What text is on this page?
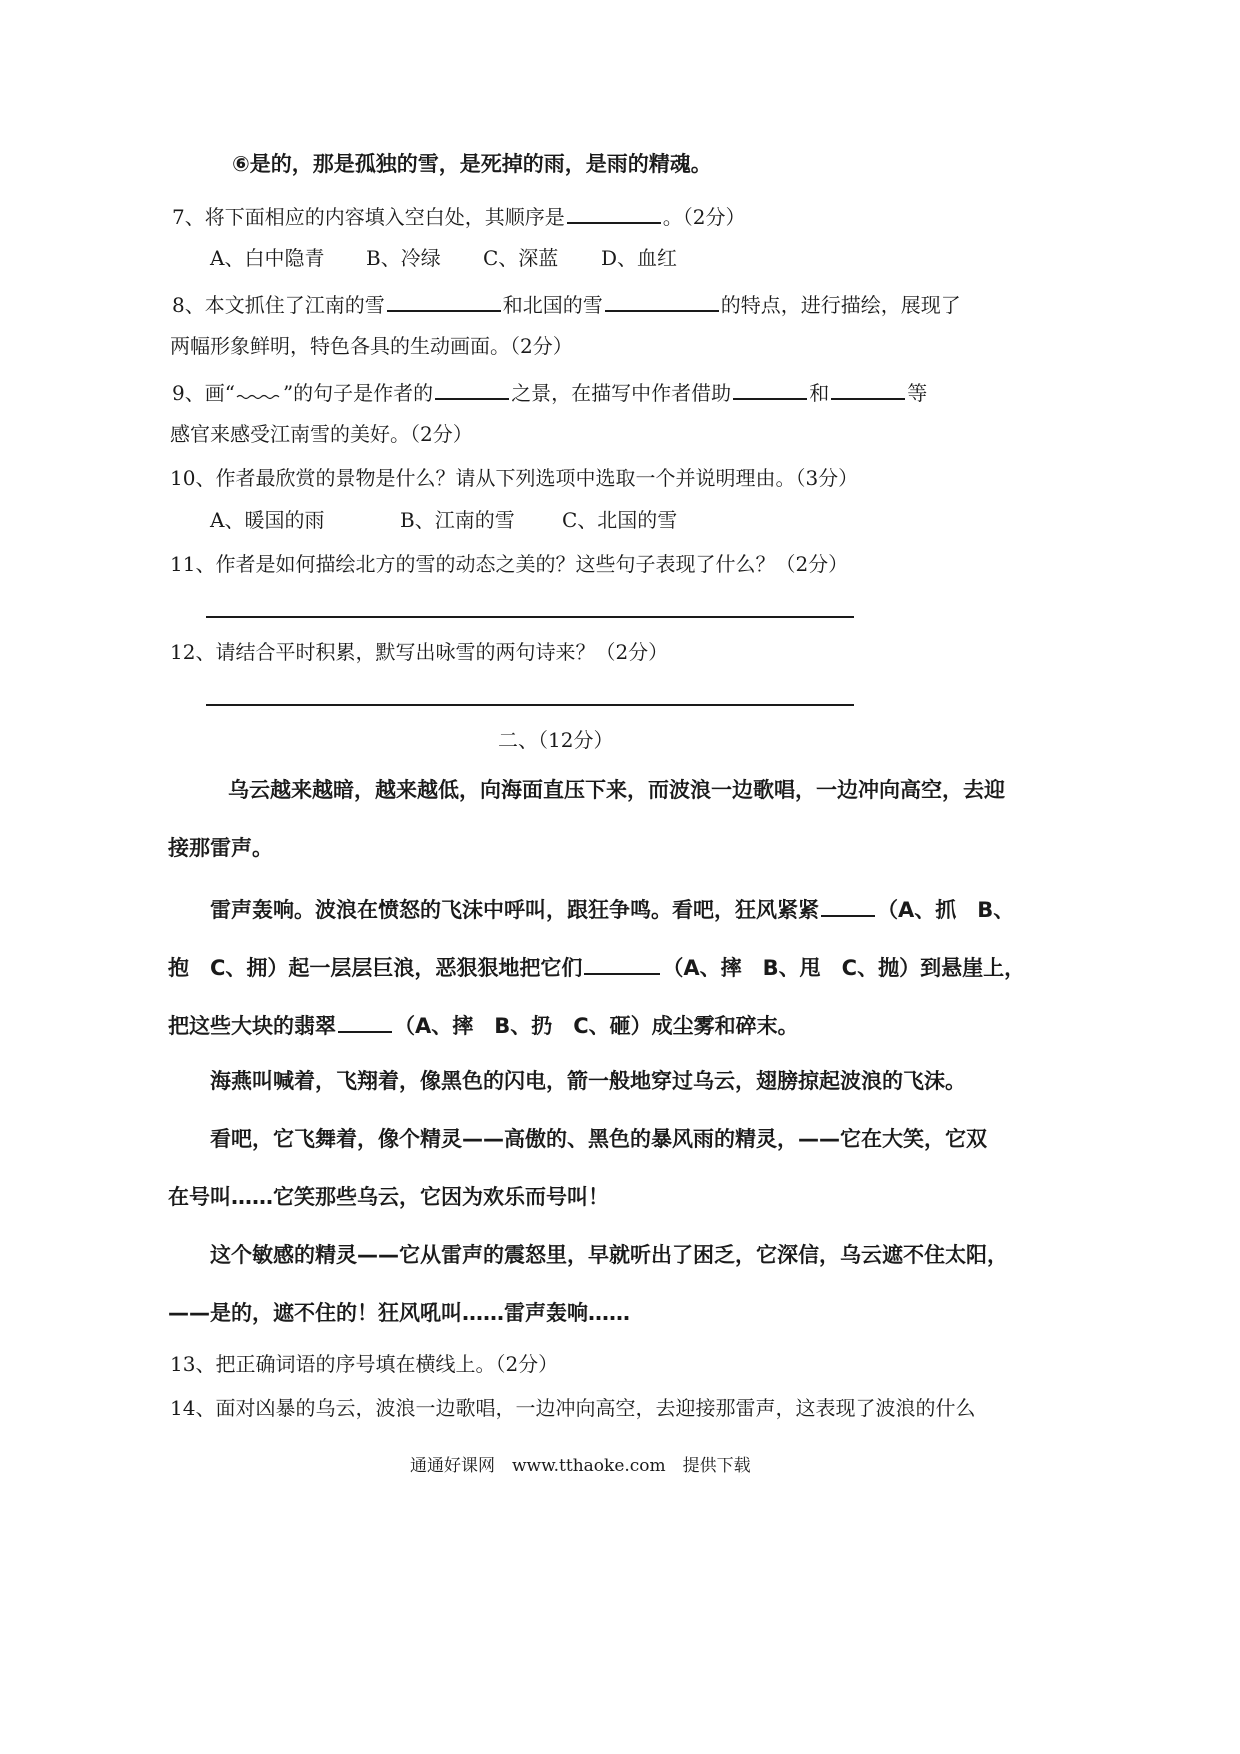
⑥是的，那是孤独的雪，是死掉的雨，是雨的精魂。
7、将下面相应的内容填入空白处，其顺序是	。（2分）
A、白中隐青 B、冷绿 C、深蓝 D、血红
8、本文抓住了江南的雪	和北国的雪	的特点，进行描绘，展现了
两幅形象鲜明，特色各具的生动画面。（2分）
9、画“ ”的句子是作者的	之景，在描写中作者借助	和	等
感官来感受江南雪的美好。（2分）
10、作者最欣赏的景物是什么？请从下列选项中选取一个并说明理由。（3分）
A、暖国的雨	B、江南的雪 C、北国的雪
11、作者是如何描绘北方的雪的动态之美的？这些句子表现了什么？（2分）
12、请结合平时积累，默写出咏雪的两句诗来？（2分）
二、（12分）
乌云越来越暗，越来越低，向海面直压下来，而波浪一边歌唱，一边冲向高空，去迎
接那雷声。
雷声轰响。波浪在愤怒的飞沫中呼叫，跟狂争鸣。看吧，狂风紧紧	（A、抓　B、
抱　C、拥）起一层层巨浪，恶狠狠地把它们	（A、摔　B、甩　C、抛）到悬崖上，
把这些大块的翡翠	（A、摔　B、扔　C、砸）成尘雾和碎末。
海燕叫喊着，飞翔着，像黑色的闪电，箭一般地穿过乌云，翅膀掠起波浪的飞沫。
看吧，它飞舞着，像个精灵——高傲的、黑色的暴风雨的精灵，——它在大笑，它双
在号叫……它笑那些乌云，它因为欢乐而号叫！
这个敏感的精灵——它从雷声的震怒里，早就听出了困乏，它深信，乌云遮不住太阳，
——是的，遮不住的！狂风吼叫……雷声轰响……
13、把正确词语的序号填在横线上。（2分）
14、面对凶暴的乌云，波浪一边歌唱，一边冲向高空，去迎接那雷声，这表现了波浪的什么
通通好课网　www.tthaoke.com　提供下载
